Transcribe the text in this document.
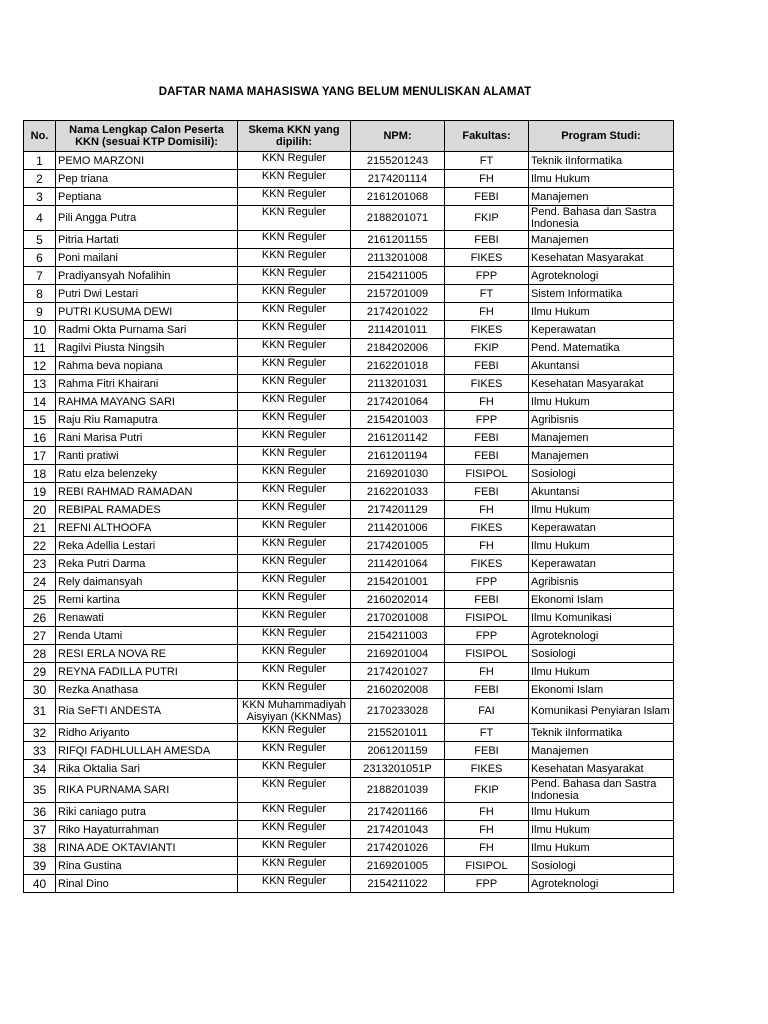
DAFTAR NAMA MAHASISWA YANG BELUM MENULISKAN ALAMAT
No.	Nama Lengkap Calon Peserta KKN (sesuai KTP Domisili):	Skema KKN yang dipilih:	NPM:	Fakultas:	Program Studi:
1	PEMO MARZONI	KKN Reguler	2155201243	FT	Teknik iInformatika
2	Pep triana	KKN Reguler	2174201114	FH	Ilmu Hukum
3	Peptiana	KKN Reguler	2161201068	FEBI	Manajemen
4	Pili Angga Putra	KKN Reguler	2188201071	FKIP	Pend. Bahasa dan Sastra Indonesia
5	Pitria Hartati	KKN Reguler	2161201155	FEBI	Manajemen
6	Poni mailani	KKN Reguler	2113201008	FIKES	Kesehatan Masyarakat
7	Pradiyansyah Nofalihin	KKN Reguler	2154211005	FPP	Agroteknologi
8	Putri Dwi Lestari	KKN Reguler	2157201009	FT	Sistem Informatika
9	PUTRI KUSUMA DEWI	KKN Reguler	2174201022	FH	Ilmu Hukum
10	Radmi Okta Purnama Sari	KKN Reguler	2114201011	FIKES	Keperawatan
11	Ragilvi Piusta Ningsih	KKN Reguler	2184202006	FKIP	Pend. Matematika
12	Rahma beva nopiana	KKN Reguler	2162201018	FEBI	Akuntansi
13	Rahma Fitri Khairani	KKN Reguler	2113201031	FIKES	Kesehatan Masyarakat
14	RAHMA MAYANG SARI	KKN Reguler	2174201064	FH	Ilmu Hukum
15	Raju Riu Ramaputra	KKN Reguler	2154201003	FPP	Agribisnis
16	Rani Marisa Putri	KKN Reguler	2161201142	FEBI	Manajemen
17	Ranti pratiwi	KKN Reguler	2161201194	FEBI	Manajemen
18	Ratu elza belenzeky	KKN Reguler	2169201030	FISIPOL	Sosiologi
19	REBI RAHMAD RAMADAN	KKN Reguler	2162201033	FEBI	Akuntansi
20	REBIPAL RAMADES	KKN Reguler	2174201129	FH	Ilmu Hukum
21	REFNI ALTHOOFA	KKN Reguler	2114201006	FIKES	Keperawatan
22	Reka Adellia Lestari	KKN Reguler	2174201005	FH	Ilmu Hukum
23	Reka Putri Darma	KKN Reguler	2114201064	FIKES	Keperawatan
24	Rely daimansyah	KKN Reguler	2154201001	FPP	Agribisnis
25	Remi kartina	KKN Reguler	2160202014	FEBI	Ekonomi Islam
26	Renawati	KKN Reguler	2170201008	FISIPOL	Ilmu Komunikasi
27	Renda Utami	KKN Reguler	2154211003	FPP	Agroteknologi
28	RESI ERLA NOVA RE	KKN Reguler	2169201004	FISIPOL	Sosiologi
29	REYNA FADILLA PUTRI	KKN Reguler	2174201027	FH	Ilmu Hukum
30	Rezka Anathasa	KKN Reguler	2160202008	FEBI	Ekonomi Islam
31	Ria SeFTI ANDESTA	KKN Muhammadiyah Aisyiyan (KKNMas)	2170233028	FAI	Komunikasi Penyiaran Islam
32	Ridho Ariyanto	KKN Reguler	2155201011	FT	Teknik iInformatika
33	RIFQI FADHLULLAH AMESDA	KKN Reguler	2061201159	FEBI	Manajemen
34	Rika Oktalia Sari	KKN Reguler	2313201051P	FIKES	Kesehatan Masyarakat
35	RIKA PURNAMA SARI	KKN Reguler	2188201039	FKIP	Pend. Bahasa dan Sastra Indonesia
36	Riki caniago putra	KKN Reguler	2174201166	FH	Ilmu Hukum
37	Riko Hayaturrahman	KKN Reguler	2174201043	FH	Ilmu Hukum
38	RINA ADE OKTAVIANTI	KKN Reguler	2174201026	FH	Ilmu Hukum
39	Rina Gustina	KKN Reguler	2169201005	FISIPOL	Sosiologi
40	Rinal Dino	KKN Reguler	2154211022	FPP	Agroteknologi
